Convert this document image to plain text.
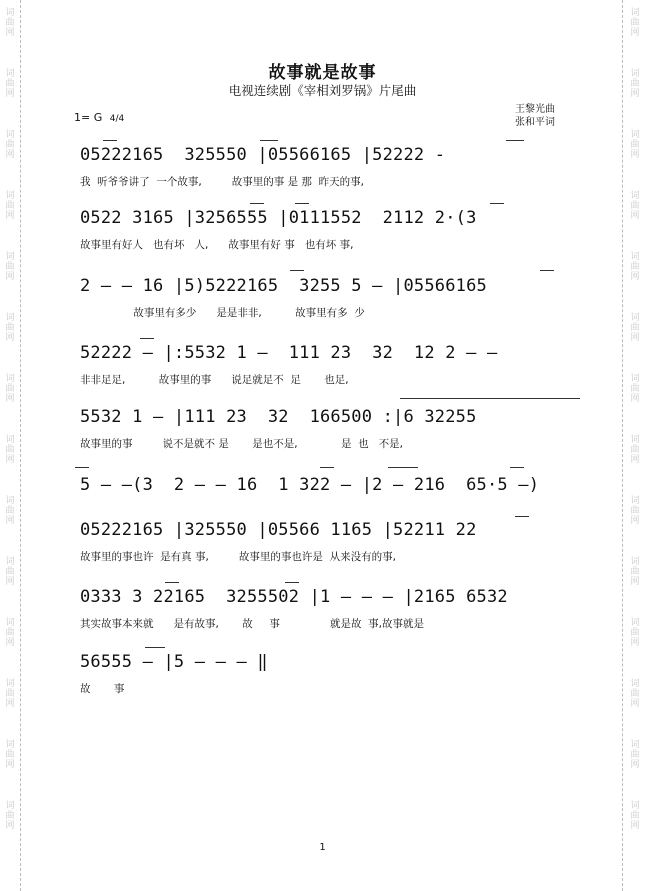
词
曲
网
词
曲
网
词
曲
网
词
曲
网
词
曲
网
词
曲
网
词
曲
网
词
曲
网
词
曲
网
词
曲
网
词
曲
网
词
曲
网
词
曲
网
词
曲
网
词
曲
网
词
曲
网
词
曲
网
词
曲
网
词
曲
网
词
曲
网
词
曲
网
词
曲
网
词
曲
网
词
曲
网
词
曲
网
词
曲
网
词
曲
网
词
曲
网
故事就是故事
电视连续剧《宰相刘罗锅》片尾曲
1= G 4/4
王黎光曲
张和平词
05222165  325550 |05566165 |52222 -
我  听爷爷讲了  一个故事,         故事里的事 是 那  昨天的事,
0522 3165 |3256555 |0111552  2112 2·(3
故事里有好人   也有坏   人,      故事里有好 事   也有坏 事,
2 — — 16 |5)5222165  3255 5 — |05566165
故事里有多少      是是非非,          故事里有多  少
52222 — |:5532 1 —  111 23  32  12 2 — —
非非足足,          故事里的事      说足就足不  足       也足,
5532 1 — |111 23  32  166500 :|6 32255
故事里的事         说不是就不 是       是也不是,             是  也   不是,
5 — —(3  2 — — 16  1 322 — |2 — 216  65·5 —)
05222165 |325550 |05566 1165 |52211 22
故事里的事也许  是有真 事,         故事里的事也许是  从来没有的事,
0333 3 22165  3255502 |1 — — — |2165 6532
其实故事本来就      是有故事,       故     事               就是故  事,故事就是
56555 — |5 — — — ‖
故       事
1
